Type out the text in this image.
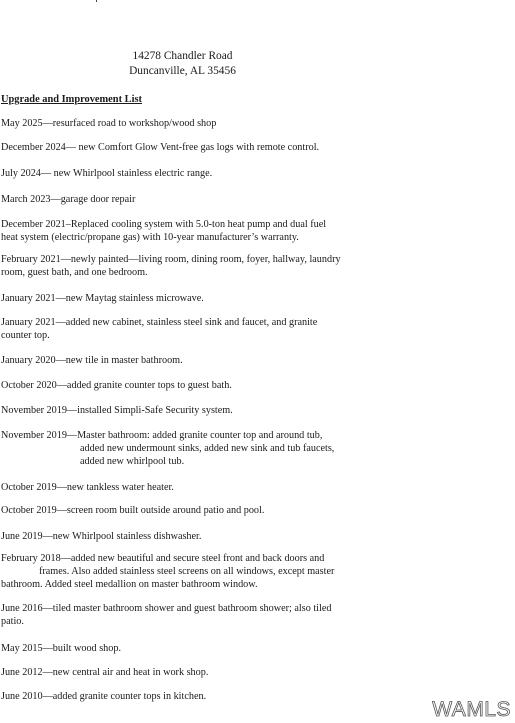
14278 Chandler Road
Duncanville, AL 35456
Upgrade and Improvement List
May 2025—resurfaced road to workshop/wood shop
December 2024— new Comfort Glow Vent-free gas logs with remote control.
July 2024— new Whirlpool stainless electric range.
March 2023—garage door repair
December 2021–Replaced cooling system with 5.0-ton heat pump and dual fuel
heat system (electric/propane gas) with 10-year manufacturer’s warranty.
February 2021—newly painted—living room, dining room, foyer, hallway, laundry
room, guest bath, and one bedroom.
January 2021—new Maytag stainless microwave.
January 2021—added new cabinet, stainless steel sink and faucet, and granite
counter top.
January 2020—new tile in master bathroom.
October 2020—added granite counter tops to guest bath.
November 2019—installed Simpli-Safe Security system.
November 2019—Master bathroom: added granite counter top and around tub,
added new undermount sinks, added new sink and tub faucets,
added new whirlpool tub.
October 2019—new tankless water heater.
October 2019—screen room built outside around patio and pool.
June 2019—new Whirlpool stainless dishwasher.
February 2018—added new beautiful and secure steel front and back doors and
frames. Also added stainless steel screens on all windows, except master
bathroom. Added steel medallion on master bathroom window.
June 2016—tiled master bathroom shower and guest bathroom shower; also tiled
patio.
May 2015—built wood shop.
June 2012—new central air and heat in work shop.
June 2010—added granite counter tops in kitchen.
WAMLS
